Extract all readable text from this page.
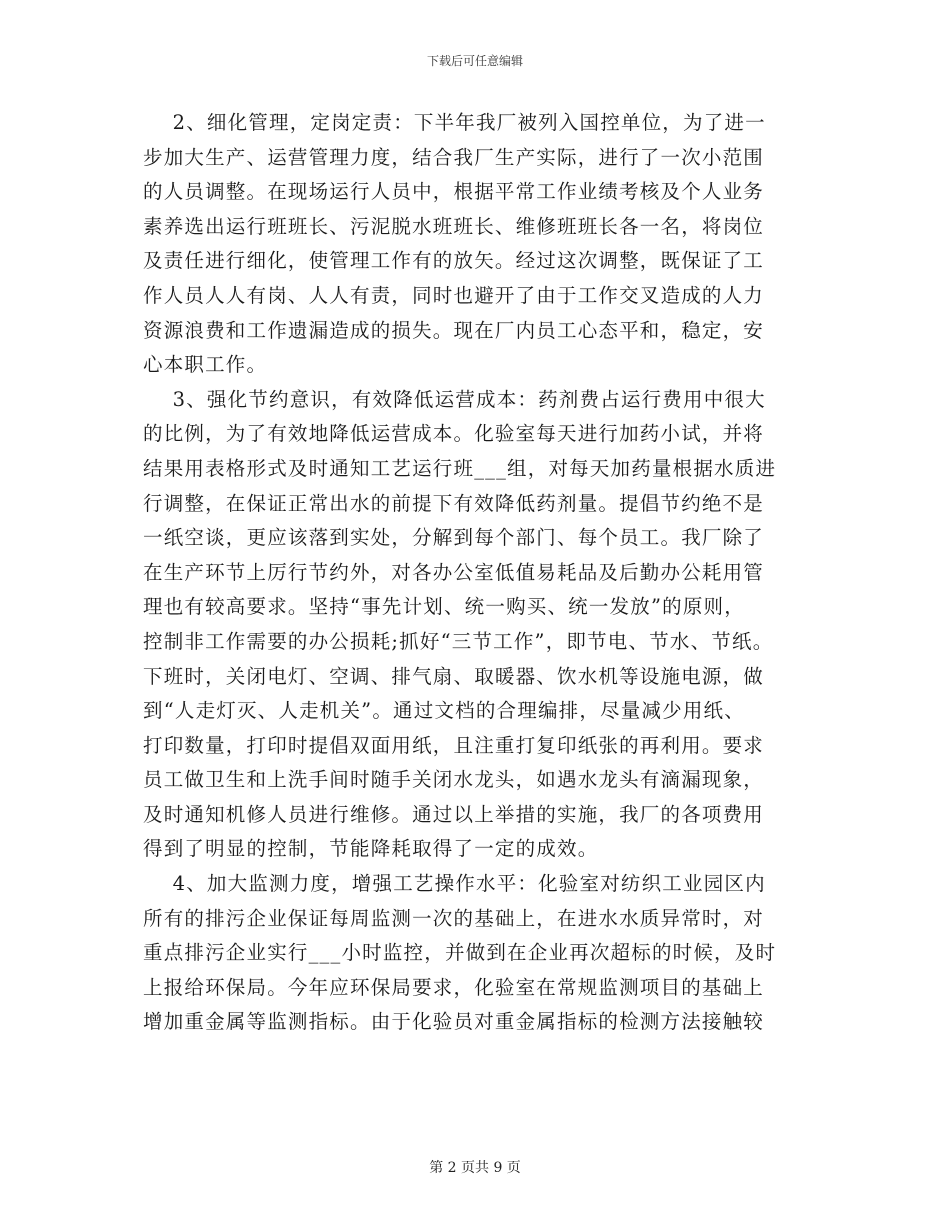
下载后可任意编辑

2、细化管理，定岗定责：下半年我厂被列入国控单位，为了进一
步加大生产、运营管理力度，结合我厂生产实际，进行了一次小范围
的人员调整。在现场运行人员中，根据平常工作业绩考核及个人业务
素养选出运行班班长、污泥脱水班班长、维修班班长各一名，将岗位
及责任进行细化，使管理工作有的放矢。经过这次调整，既保证了工
作人员人人有岗、人人有责，同时也避开了由于工作交叉造成的人力
资源浪费和工作遗漏造成的损失。现在厂内员工心态平和，稳定，安
心本职工作。

3、强化节约意识，有效降低运营成本：药剂费占运行费用中很大
的比例，为了有效地降低运营成本。化验室每天进行加药小试，并将
结果用表格形式及时通知工艺运行班___组，对每天加药量根据水质进
行调整，在保证正常出水的前提下有效降低药剂量。提倡节约绝不是
一纸空谈，更应该落到实处，分解到每个部门、每个员工。我厂除了
在生产环节上厉行节约外，对各办公室低值易耗品及后勤办公耗用管
理也有较高要求。坚持“事先计划、统一购买、统一发放”的原则，
控制非工作需要的办公损耗;抓好“三节工作”，即节电、节水、节纸。
下班时，关闭电灯、空调、排气扇、取暖器、饮水机等设施电源，做
到“人走灯灭、人走机关”。通过文档的合理编排，尽量减少用纸、
打印数量，打印时提倡双面用纸，且注重打复印纸张的再利用。要求
员工做卫生和上洗手间时随手关闭水龙头，如遇水龙头有滴漏现象，
及时通知机修人员进行维修。通过以上举措的实施，我厂的各项费用
得到了明显的控制，节能降耗取得了一定的成效。

4、加大监测力度，增强工艺操作水平：化验室对纺织工业园区内
所有的排污企业保证每周监测一次的基础上，在进水水质异常时，对
重点排污企业实行___小时监控，并做到在企业再次超标的时候，及时
上报给环保局。今年应环保局要求，化验室在常规监测项目的基础上
增加重金属等监测指标。由于化验员对重金属指标的检测方法接触较

第 2 页共 9 页
